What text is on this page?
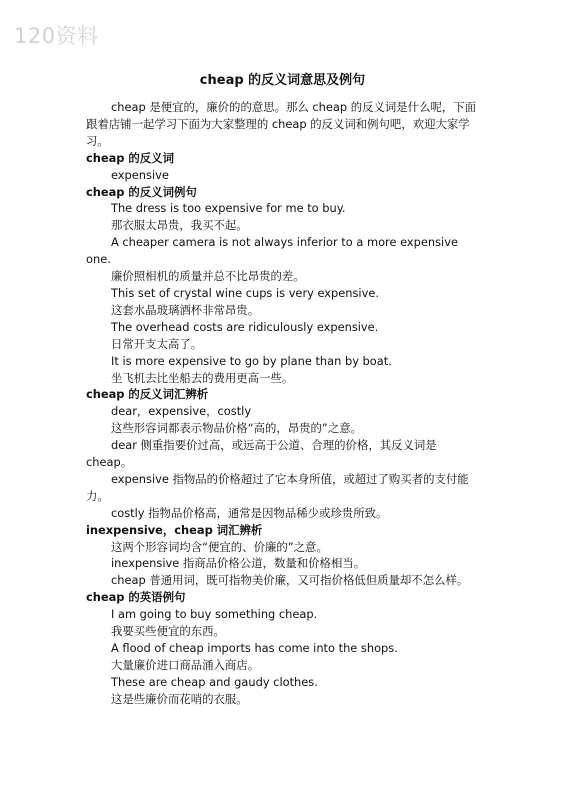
120资料
cheap 的反义词意思及例句

cheap 是便宜的，廉价的的意思。那么 cheap 的反义词是什么呢，下面跟着店铺一起学习下面为大家整理的 cheap 的反义词和例句吧，欢迎大家学习。

cheap 的反义词

expensive

cheap 的反义词例句

The dress is too expensive for me to buy.

那衣服太昂贵，我买不起。

A cheaper camera is not always inferior to a more expensive one.

廉价照相机的质量并总不比昂贵的差。

This set of crystal wine cups is very expensive.

这套水晶玻璃酒杯非常昂贵。

The overhead costs are ridiculously expensive.

日常开支太高了。

It is more expensive to go by plane than by boat.

坐飞机去比坐船去的费用更高一些。

cheap 的反义词汇辨析

dear，expensive，costly

这些形容词都表示物品价格“高的，昂贵的”之意。

dear 侧重指要价过高，或远高于公道、合理的价格，其反义词是 cheap。

expensive 指物品的价格超过了它本身所值，或超过了购买者的支付能力。

costly 指物品价格高，通常是因物品稀少或珍贵所致。

inexpensive，cheap 词汇辨析

这两个形容词均含“便宜的、价廉的”之意。

inexpensive 指商品价格公道，数量和价格相当。

cheap 普通用词，既可指物美价廉，又可指价格低但质量却不怎么样。

cheap 的英语例句

I am going to buy something cheap.

我要买些便宜的东西。

A flood of cheap imports has come into the shops.

大量廉价进口商品涌入商店。

These are cheap and gaudy clothes.

这是些廉价而花哨的衣服。
